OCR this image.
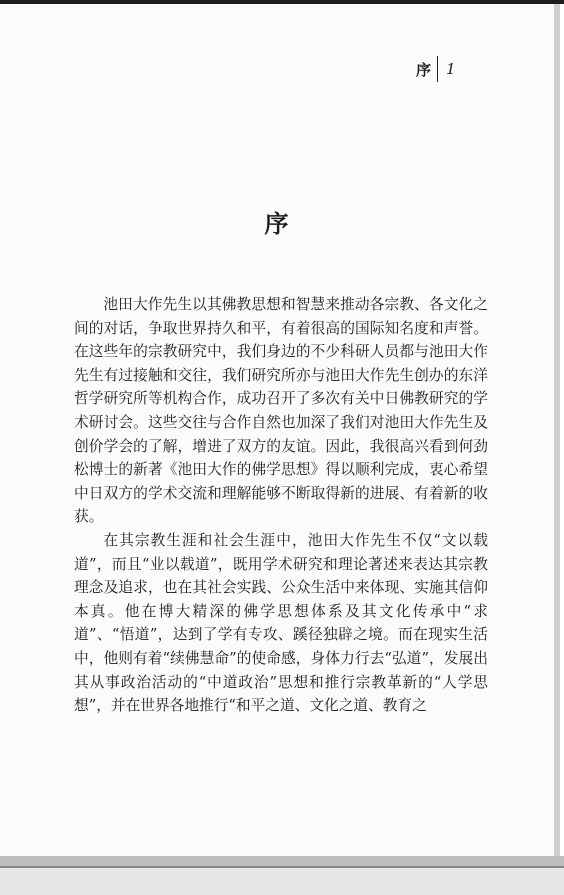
序 1
序

池田大作先生以其佛教思想和智慧来推动各宗教、各文化之间的对话，争取世界持久和平，有着很高的国际知名度和声誉。在这些年的宗教研究中，我们身边的不少科研人员都与池田大作先生有过接触和交往，我们研究所亦与池田大作先生创办的东洋哲学研究所等机构合作，成功召开了多次有关中日佛教研究的学术研讨会。这些交往与合作自然也加深了我们对池田大作先生及创价学会的了解，增进了双方的友谊。因此，我很高兴看到何劲松博士的新著《池田大作的佛学思想》得以顺利完成，衷心希望中日双方的学术交流和理解能够不断取得新的进展、有着新的收获。

在其宗教生涯和社会生涯中，池田大作先生不仅“文以载道”，而且“业以载道”，既用学术研究和理论著述来表达其宗教理念及追求，也在其社会实践、公众生活中来体现、实施其信仰本真。他在博大精深的佛学思想体系及其文化传承中“求道”、“悟道”，达到了学有专攻、蹊径独辟之境。而在现实生活中，他则有着“续佛慧命”的使命感，身体力行去“弘道”，发展出其从事政治活动的“中道政治”思想和推行宗教革新的“人学思想”，并在世界各地推行“和平之道、文化之道、教育之
